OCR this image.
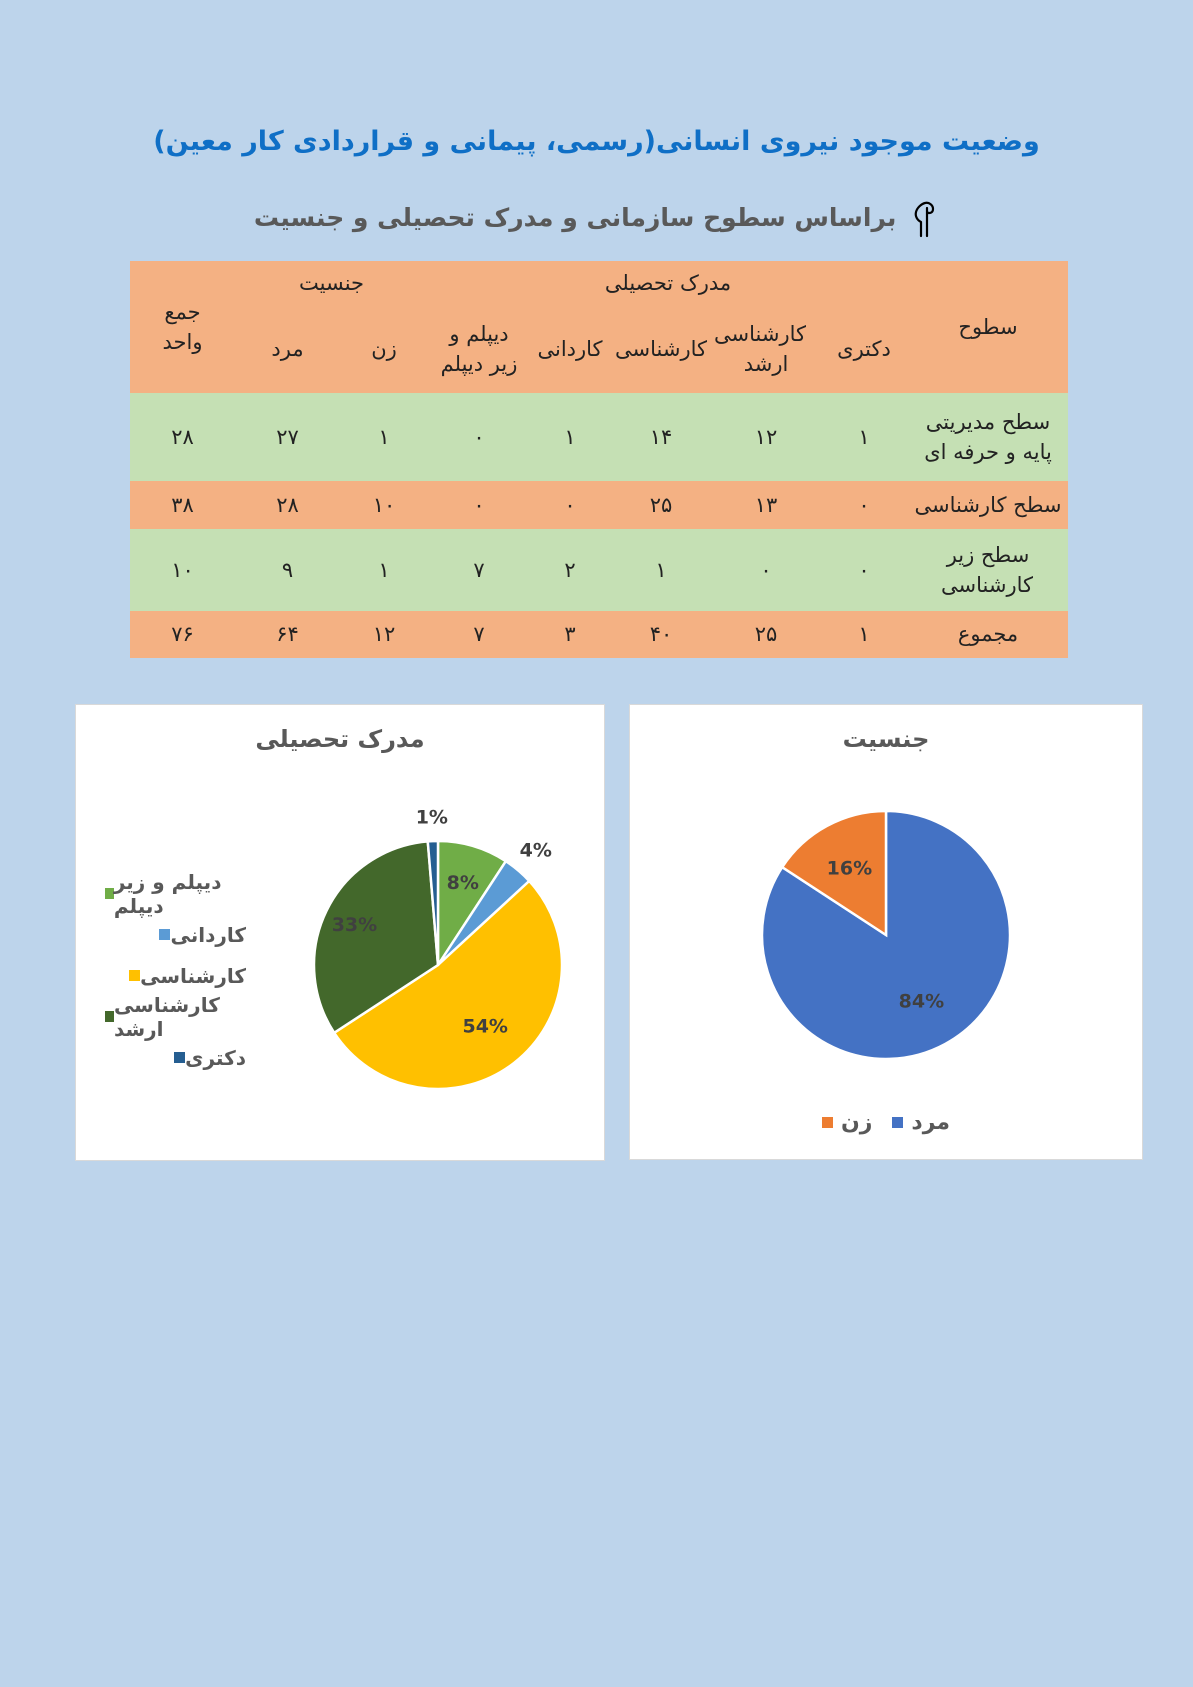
وضعیت موجود نیروی انسانی(رسمی، پیمانی و قراردادی کار معین)
براساس سطوح سازمانی و مدرک تحصیلی و جنسیت
سطوح	مدرک تحصیلی					جنسیت		جمع واحد

	دکتری	کارشناسی ارشد	کارشناسی	کاردانی	دیپلم و زیر دیپلم	زن	مرد	

سطح مدیریتی پایه و حرفه ای	۱	۱۲	۱۴	۱	۰	۱	۲۷	۲۸
سطح کارشناسی	۰	۱۳	۲۵	۰	۰	۱۰	۲۸	۳۸

سطح زیر کارشناسی	۰	۰	۱	۲	۷	۱	۹	۱۰
مجموع	۱	۲۵	۴۰	۳	۷	۱۲	۶۴	۷۶
مدرک تحصیلی
8%
4%
54%
33%
1%
دیپلم و زیر دیپلم
کاردانی
کارشناسی
کارشناسی ارشد
دکتری
جنسیت
84%
16%
مرد
زن
